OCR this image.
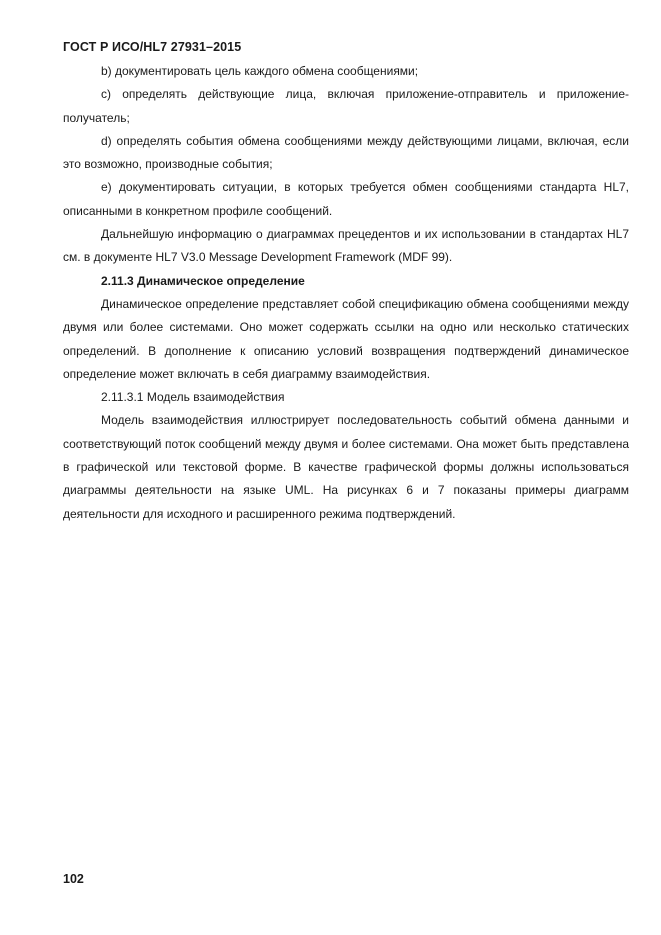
ГОСТ Р ИСО/HL7 27931–2015

b) документировать цель каждого обмена сообщениями;

c) определять действующие лица, включая приложение-отправитель и приложение-получатель;

d) определять события обмена сообщениями между действующими лицами, включая, если это возможно, производные события;

e) документировать ситуации, в которых требуется обмен сообщениями стандарта HL7, описанными в конкретном профиле сообщений.

Дальнейшую информацию о диаграммах прецедентов и их использовании в стандартах HL7 см. в документе HL7 V3.0 Message Development Framework (MDF 99).

2.11.3 Динамическое определение

Динамическое определение представляет собой спецификацию обмена сообщениями между двумя или более системами. Оно может содержать ссылки на одно или несколько статических определений. В дополнение к описанию условий возвращения подтверждений динамическое определение может включать в себя диаграмму взаимодействия.

2.11.3.1 Модель взаимодействия

Модель взаимодействия иллюстрирует последовательность событий обмена данными и соответствующий поток сообщений между двумя и более системами. Она может быть представлена в графической или текстовой форме. В качестве графической формы должны использоваться диаграммы деятельности на языке UML. На рисунках 6 и 7 показаны примеры диаграмм деятельности для исходного и расширенного режима подтверждений.

102
